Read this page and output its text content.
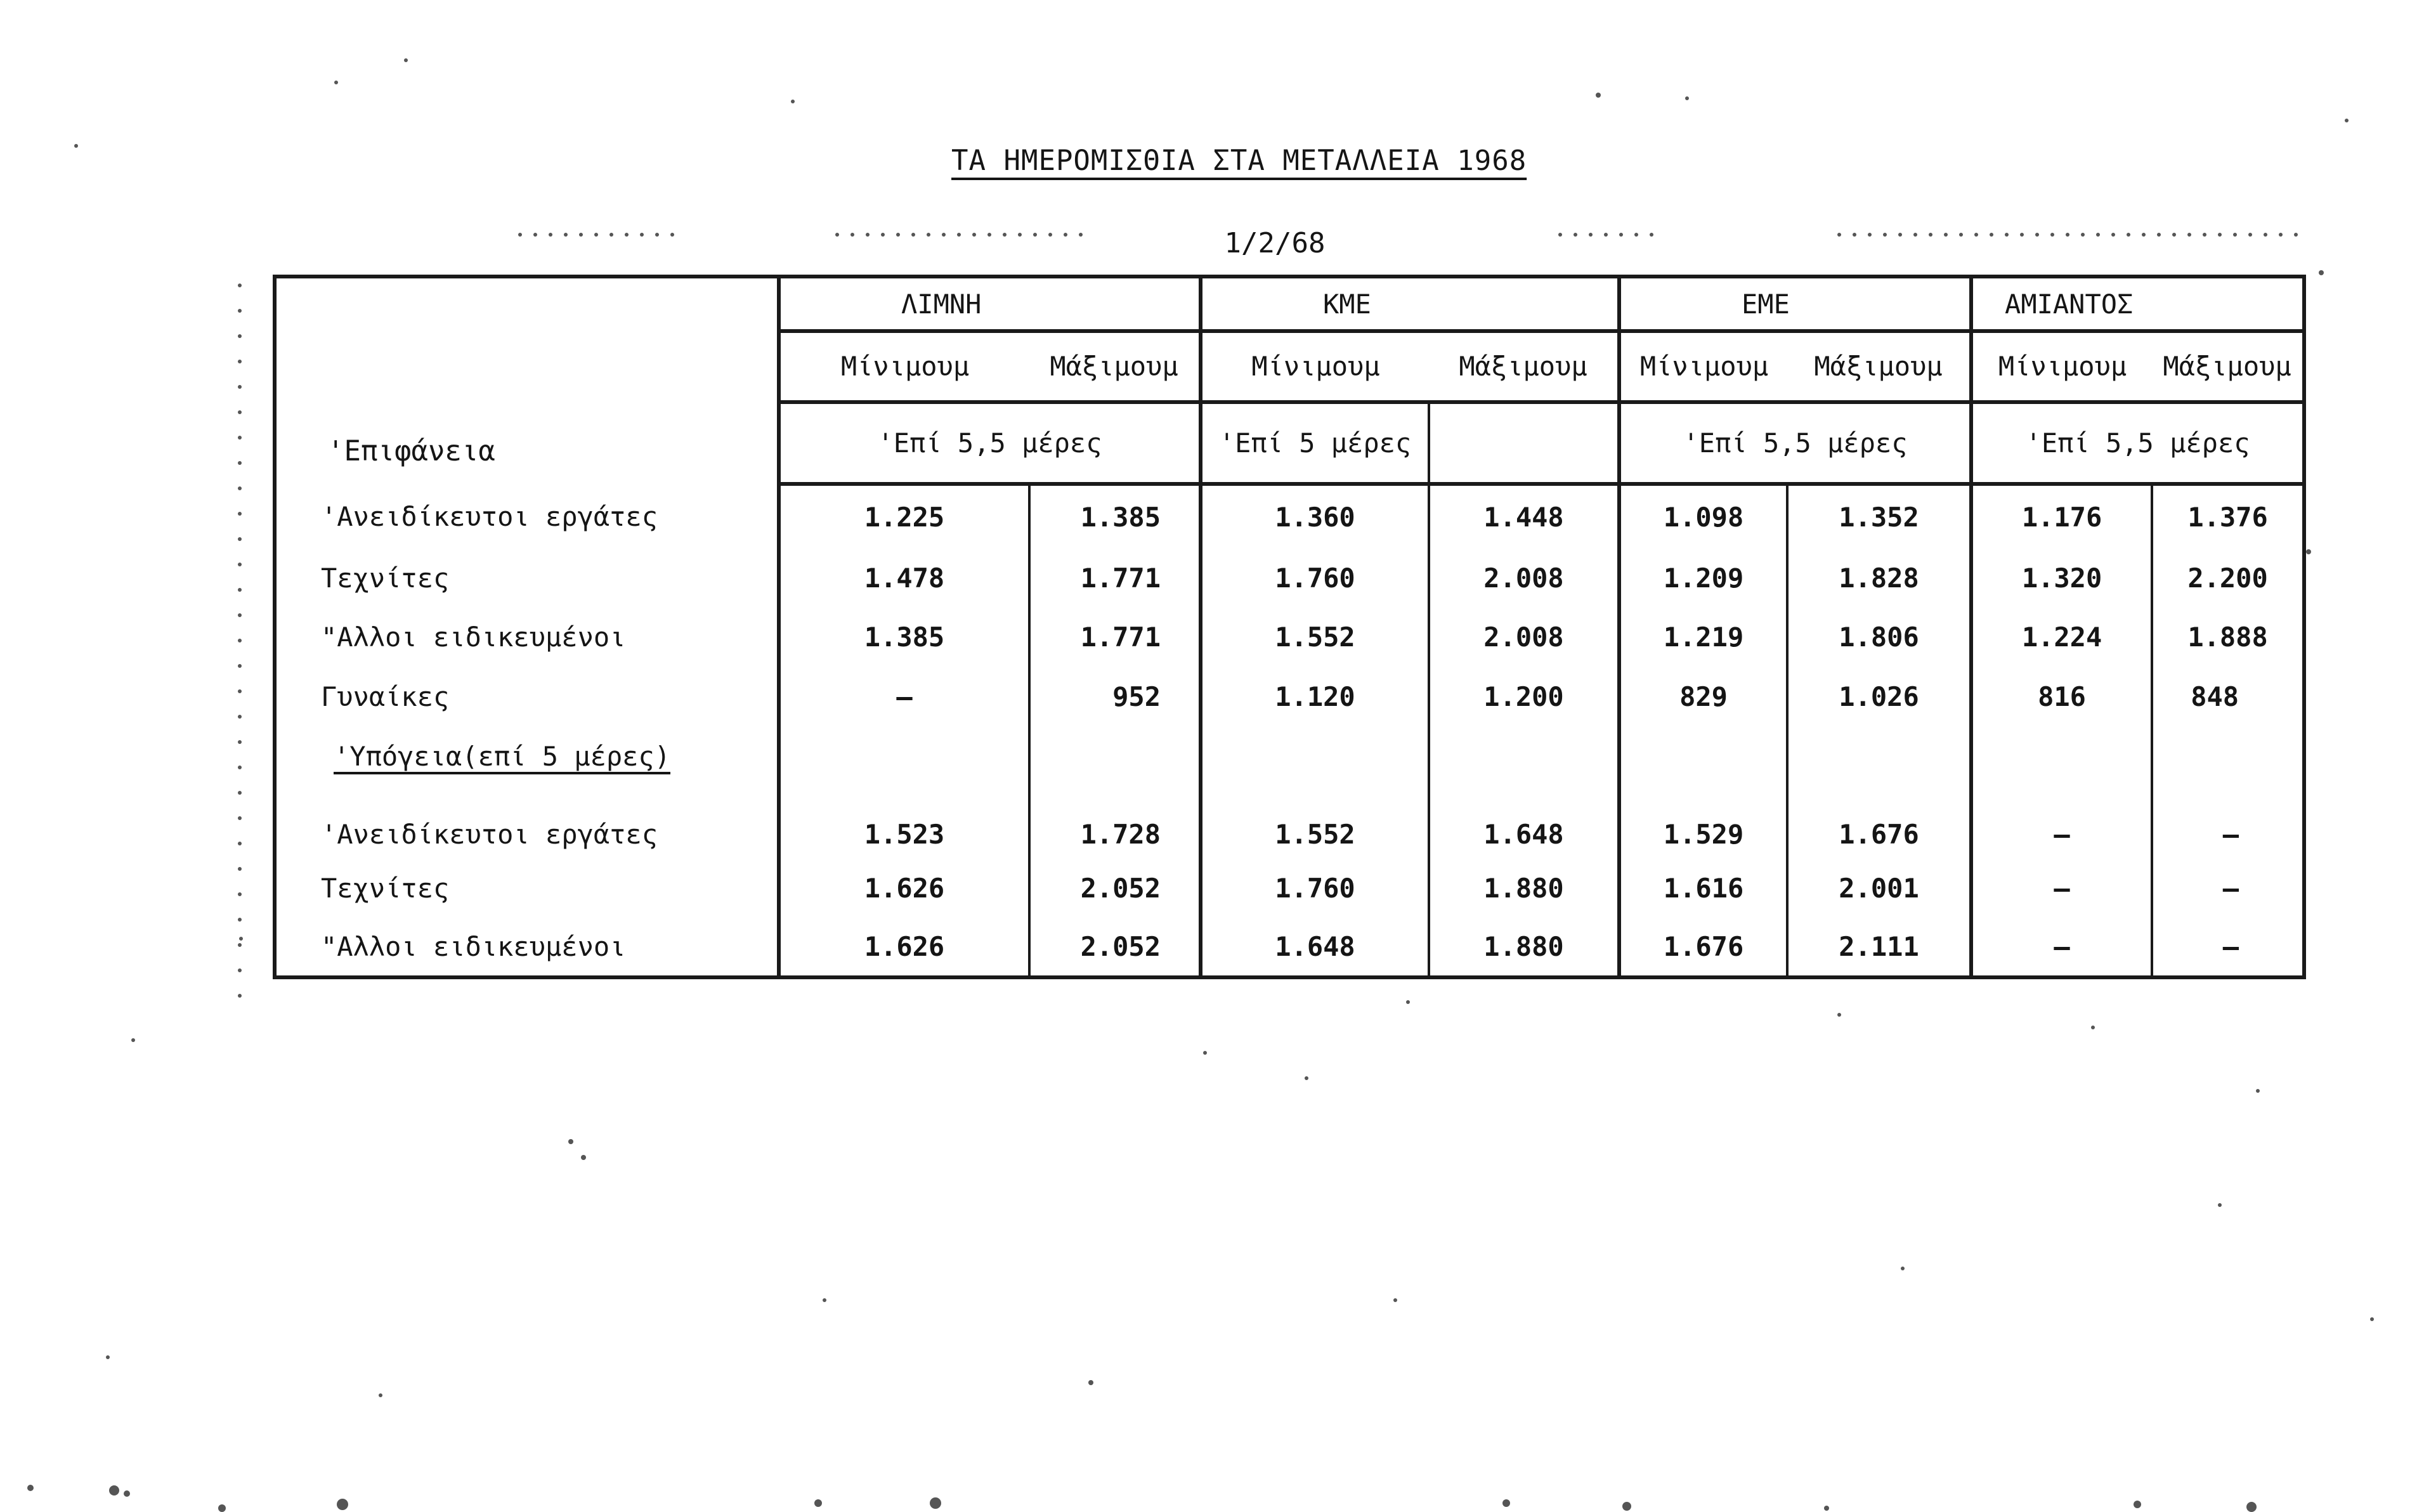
ΤΑ ΗΜΕΡΟΜΙΣΘΙΑ ΣΤΑ ΜΕΤΑΛΛΕΙΑ 1968
1/2/68
'Επιφάνεια	ΛΙΜΝΗ		ΚΜΕ		ΕΜΕ		ΑΜΙΑΝΤΟΣ	
	Μίνιμουμ	Μάξιμουμ	Μίνιμουμ	Μάξιμουμ	Μίνιμουμ	Μάξιμουμ	Μίνιμουμ	Μάξιμουμ
	'Επί 5,5 μέρες		'Επί 5 μέρες		'Επί 5,5 μέρες		'Επί 5,5 μέρες	
'Ανειδίκευτοι εργάτες	1.225	1.385	1.360	1.448	1.098	1.352	1.176	1.376
Τεχνίτες	1.478	1.771	1.760	2.008	1.209	1.828	1.320	2.200
"Αλλοι ειδικευμένοι	1.385	1.771	1.552	2.008	1.219	1.806	1.224	1.888
Γυναίκες	–	952	1.120	1.200	829	1.026	816	848
'Υπόγεια(επί 5 μέρες)								
'Ανειδίκευτοι εργάτες	1.523	1.728	1.552	1.648	1.529	1.676	–	–
Τεχνίτες	1.626	2.052	1.760	1.880	1.616	2.001	–	–
"Αλλοι ειδικευμένοι	1.626	2.052	1.648	1.880	1.676	2.111	–	–
